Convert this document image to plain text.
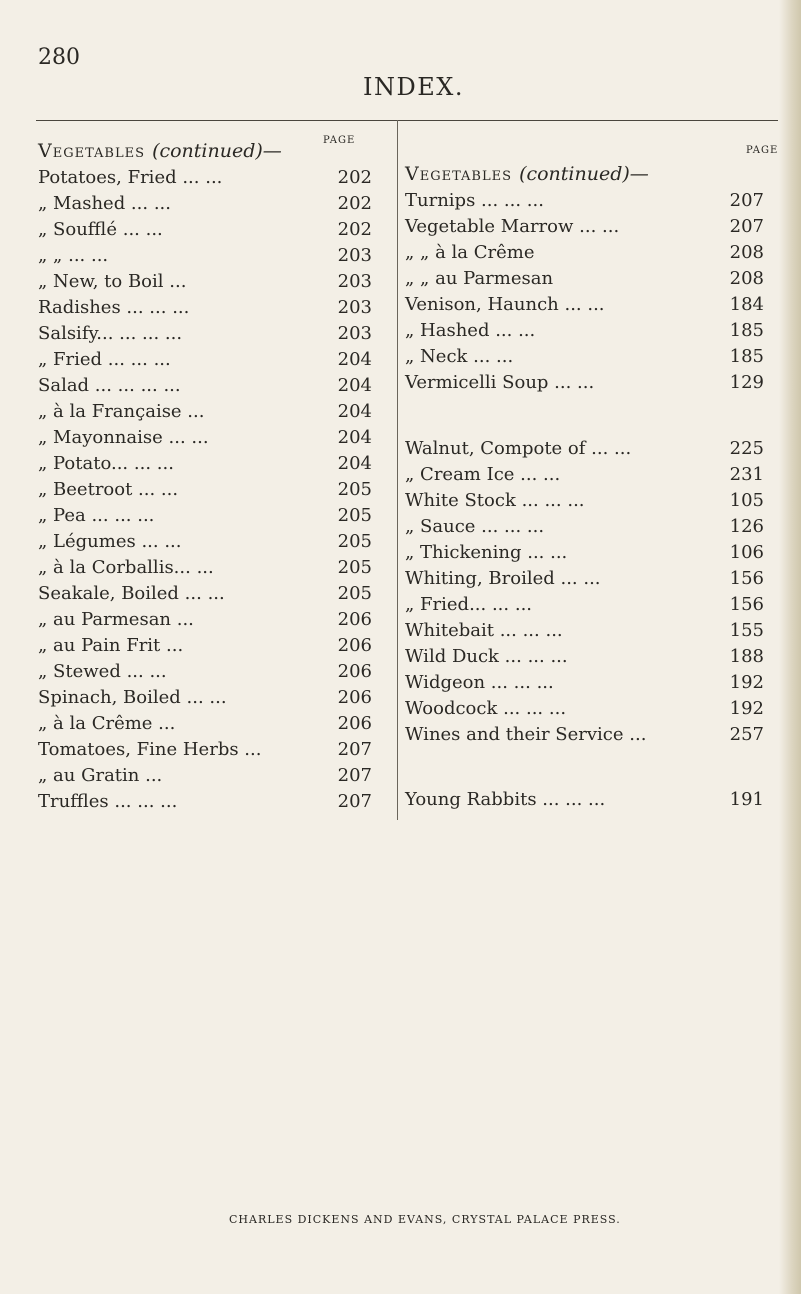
280
INDEX.
PAGE
Vegetables (continued)—	PAGE
Vegetables (continued)—
Potatoes, Fried ... ...	202
„ Mashed ... ...	202
„ Soufflé ... ...	202
„ „ ... ...	203
„ New, to Boil ...	203
Radishes ... ... ...	203
Salsify... ... ... ...	203
„ Fried ... ... ...	204
Salad ... ... ... ...	204
„ à la Française ...	204
„ Mayonnaise ... ...	204
„ Potato... ... ...	204
„ Beetroot ... ...	205
„ Pea ... ... ...	205
„ Légumes ... ...	205
„ à la Corballis... ...	205
Seakale, Boiled ... ...	205
„ au Parmesan ...	206
„ au Pain Frit ...	206
„ Stewed ... ...	206
Spinach, Boiled ... ...	206
„ à la Crême ...	206
Tomatoes, Fine Herbs ...	207
„ au Gratin ...	207
Truffles ... ... ...	207
Turnips ... ... ...	207
Vegetable Marrow ... ...	207
„ „ à la Crême	208
„ „ au Parmesan	208
Venison, Haunch ... ...	184
„ Hashed ... ...	185
„ Neck ... ...	185
Vermicelli Soup ... ...	129
Walnut, Compote of ... ...	225
„ Cream Ice ... ...	231
White Stock ... ... ...	105
„ Sauce ... ... ...	126
„ Thickening ... ...	106
Whiting, Broiled ... ...	156
„ Fried... ... ...	156
Whitebait ... ... ...	155
Wild Duck ... ... ...	188
Widgeon ... ... ...	192
Woodcock ... ... ...	192
Wines and their Service ...	257
Young Rabbits ... ... ...	191
CHARLES DICKENS AND EVANS, CRYSTAL PALACE PRESS.
